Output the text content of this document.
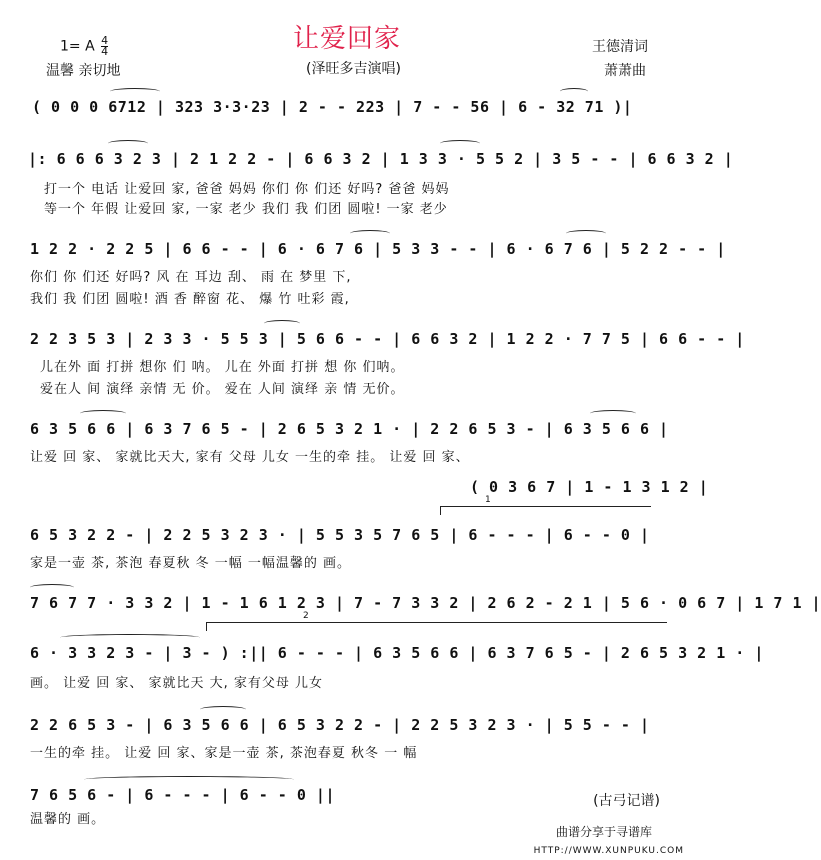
让爱回家
1= A $\frac{4}{4}$
温馨 亲切地	(泽旺多吉演唱)
王德清词
萧萧曲
( 0 0 0 6712 | 323 3·3·23 | 2 - - 223 | 7 - - 56 | 6 - 32 71 )|
|: 6 6 6 3 2 3 | 2 1 2 2 - | 6 6 3 2 | 1 3 3 · 5 5 2 | 3 5 - - | 6 6 3 2 |
打一个 电话 让爱回 家, 爸爸 妈妈 你们 你 们还 好吗? 爸爸 妈妈
等一个 年假 让爱回 家, 一家 老少 我们 我 们团 圆啦! 一家 老少
1 2 2 · 2 2 5 | 6 6 - - | 6 · 6 7 6 | 5 3 3 - - | 6 · 6 7 6 | 5 2 2 - - |
你们 你 们还 好吗? 风 在 耳边 刮、 雨 在 梦里 下,
我们 我 们团 圆啦! 酒 香 醉窗 花、 爆 竹 吐彩 霞,
2 2 3 5 3 | 2 3 3 · 5 5 3 | 5 6 6 - - | 6 6 3 2 | 1 2 2 · 7 7 5 | 6 6 - - |
儿在外 面 打拼 想你 们 呐。 儿在 外面 打拼 想 你 们呐。
爱在人 间 演绎 亲情 无 价。 爱在 人间 演绎 亲 情 无价。
6 3 5 6 6 | 6 3 7 6 5 - | 2 6 5 3 2 1 · | 2 2 6 5 3 - | 6 3 5 6 6 |
让爱 回 家、 家就比天大, 家有 父母 儿女 一生的牵 挂。 让爱 回 家、
( 0 3 6 7 | 1 - 1 3 1 2 |
1
6 5 3 2 2 - | 2 2 5 3 2 3 · | 5 5 3 5 7 6 5 | 6 - - - | 6 - - 0 |
家是一壶 茶, 茶泡 春夏秋 冬 一幅 一幅温馨的 画。
7 6 7 7 · 3 3 2 | 1 - 1 6 1 2 3 | 7 - 7 3 3 2 | 2 6 2 - 2 1 | 5 6 · 0 6 7 | 1 7 1 |
2
6 · 3 3 2 3 - | 3 - ) :|| 6 - - - | 6 3 5 6 6 | 6 3 7 6 5 - | 2 6 5 3 2 1 · |
画。 让爱 回 家、 家就比天 大, 家有父母 儿女
2 2 6 5 3 - | 6 3 5 6 6 | 6 5 3 2 2 - | 2 2 5 3 2 3 · | 5 5 - - |
一生的牵 挂。 让爱 回 家、家是一壶 茶, 茶泡春夏 秋冬 一 幅
7 6 5 6 - | 6 - - - | 6 - - 0 ||
温馨的 画。
(古弓记谱)
曲谱分享于寻谱库
HTTP://WWW.XUNPUKU.COM
